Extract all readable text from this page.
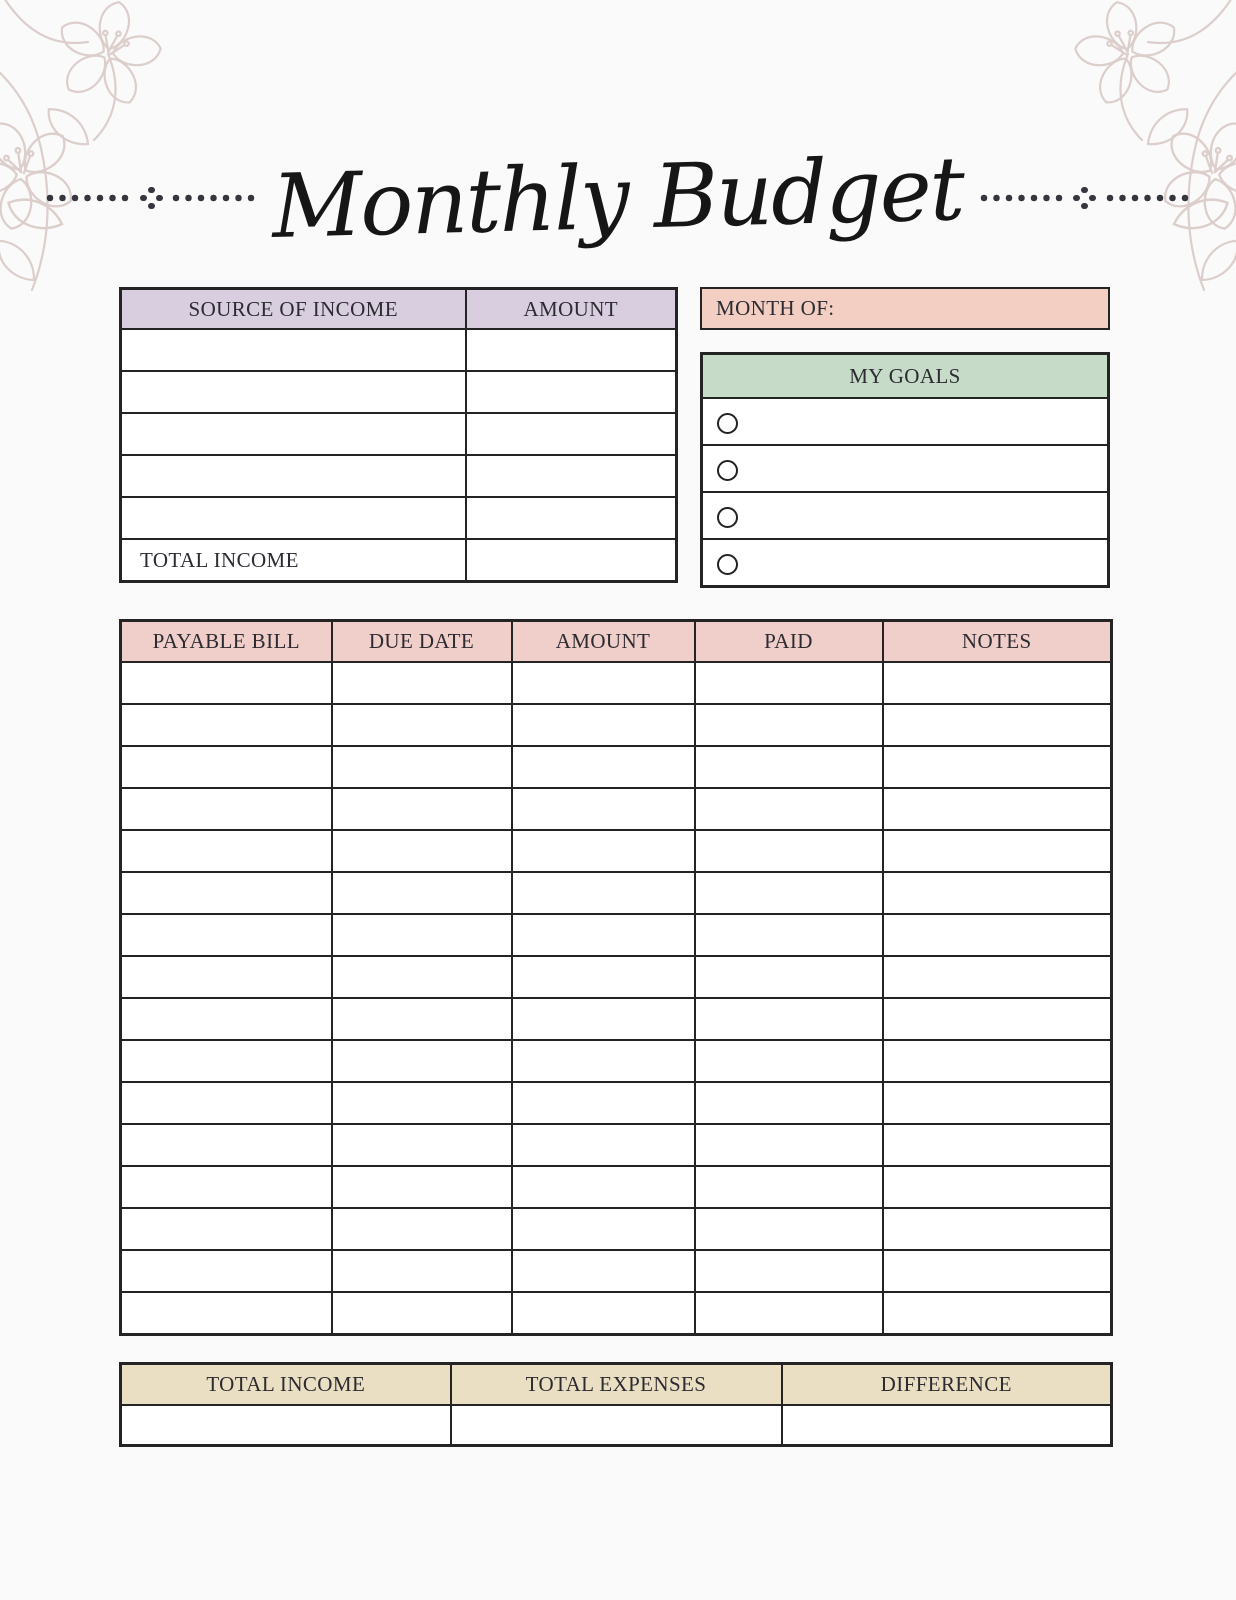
Monthly Budget
SOURCE OF INCOME	AMOUNT

TOTAL INCOME	
MONTH OF:
MY GOALS

PAYABLE BILL	DUE DATE	AMOUNT	PAID	NOTES

TOTAL INCOME	TOTAL EXPENSES	DIFFERENCE
